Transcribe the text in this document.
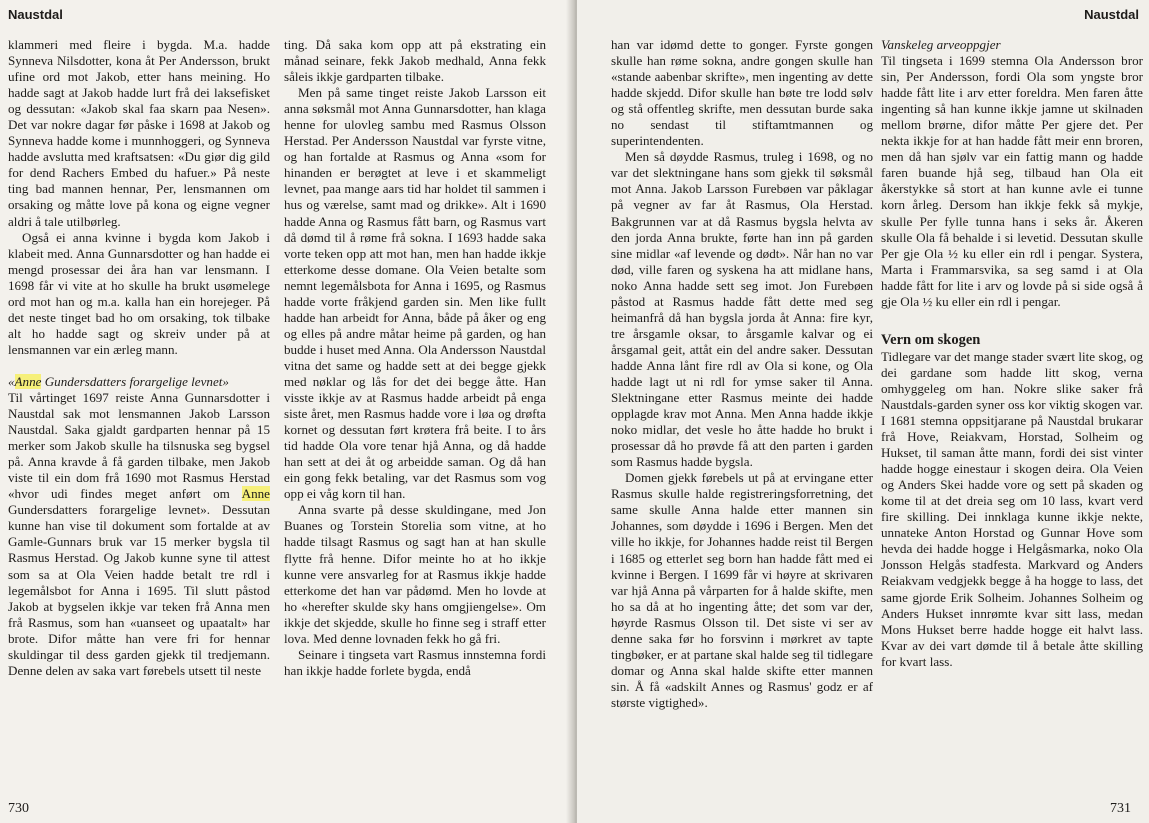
Naustdal

klammeri med fleire i bygda. M.a. hadde Synneva Nilsdotter, kona åt Per Andersson, brukt ufine ord mot Jakob, etter hans meining. Ho hadde sagt at Jakob hadde lurt frå dei laksefisket og dessutan: «Jakob skal faa skarn paa Nesen». Det var nokre dagar før påske i 1698 at Jakob og Synneva hadde kome i munnhoggeri, og Synneva hadde avslutta med kraftsatsen: «Du giør dig gild for dend Rachers Embed du hafuer.» På neste ting bad mannen hennar, Per, lensmannen om orsaking og måtte love på kona og eigne vegner aldri å tale utilbørleg.

Også ei anna kvinne i bygda kom Jakob i klabeit med. Anna Gunnarsdotter og han hadde ei mengd prosessar dei åra han var lensmann. I 1698 får vi vite at ho skulle ha brukt usømelege ord mot han og m.a. kalla han ein horejeger. På det neste tinget bad ho om orsaking, tok tilbake alt ho hadde sagt og skreiv under på at lensmannen var ein ærleg mann.

«Anne Gundersdatters forargelige levnet»

Til vårtinget 1697 reiste Anna Gunnarsdotter i Naustdal sak mot lensmannen Jakob Larsson Naustdal. Saka gjaldt gardparten hennar på 15 merker som Jakob skulle ha tilsnuska seg bygsel på. Anna kravde å få garden tilbake, men Jakob viste til ein dom frå 1690 mot Rasmus Herstad «hvor udi findes meget anført om Anne Gundersdatters forargelige levnet». Dessutan kunne han vise til dokument som fortalde at av Gamle-Gunnars bruk var 15 merker bygsla til Rasmus Herstad. Og Jakob kunne syne til attest som sa at Ola Veien hadde betalt tre rdl i legemålsbot for Anna i 1695. Til slutt påstod Jakob at bygselen ikkje var teken frå Anna men frå Rasmus, som han «uanseet og upaatalt» har brote. Difor måtte han vere fri for hennar skuldingar til dess garden gjekk til tredjemann. Denne delen av saka vart førebels utsett til neste

ting. Då saka kom opp att på ekstrating ein månad seinare, fekk Jakob medhald, Anna fekk såleis ikkje gardparten tilbake.

Men på same tinget reiste Jakob Larsson eit anna søksmål mot Anna Gunnarsdotter, han klaga henne for ulovleg sambu med Rasmus Olsson Herstad. Per Andersson Naustdal var fyrste vitne, og han fortalde at Rasmus og Anna «som for hinanden er berøgtet at leve i et skammeligt levnet, paa mange aars tid har holdet til sammen i hus og værelse, samt mad og drikke». Alt i 1690 hadde Anna og Rasmus fått barn, og Rasmus vart då dømd til å røme frå sokna. I 1693 hadde saka vorte teken opp att mot han, men han hadde ikkje etterkome desse domane. Ola Veien betalte som nemnt legemålsbota for Anna i 1695, og Rasmus hadde vorte fråkjend garden sin. Men like fullt hadde han arbeidt for Anna, både på åker og eng og elles på andre måtar heime på garden, og han budde i huset med Anna. Ola Andersson Naustdal vitna det same og hadde sett at dei begge gjekk med nøklar og lås for det dei begge åtte. Han visste ikkje av at Rasmus hadde arbeidt på enga siste året, men Rasmus hadde vore i løa og drøfta kornet og dessutan ført krøtera frå beite. I to års tid hadde Ola vore tenar hjå Anna, og då hadde han sett at dei åt og arbeidde saman. Og då han ein gong fekk betaling, var det Rasmus som vog opp ei våg korn til han.

Anna svarte på desse skuldingane, med Jon Buanes og Torstein Storelia som vitne, at ho hadde tilsagt Rasmus og sagt han at han skulle flytte frå henne. Difor meinte ho at ho ikkje kunne vere ansvarleg for at Rasmus ikkje hadde etterkome det han var pådømd. Men ho lovde at ho «herefter skulde sky hans omgjiengelse». Om ikkje det skjedde, skulle ho finne seg i straff etter lova. Med denne lovnaden fekk ho gå fri.

Seinare i tingseta vart Rasmus innstemna fordi han ikkje hadde forlete bygda, endå

730
Naustdal

han var idømd dette to gonger. Fyrste gongen skulle han røme sokna, andre gongen skulle han «stande aabenbar skrifte», men ingenting av dette hadde skjedd. Difor skulle han bøte tre lodd sølv og stå offentleg skrifte, men dessutan burde saka no sendast til stiftamtmannen og superintendenten.

Men så døydde Rasmus, truleg i 1698, og no var det slektningane hans som gjekk til søksmål mot Anna. Jakob Larsson Furebøen var påklagar på vegner av far åt Rasmus, Ola Herstad. Bakgrunnen var at då Rasmus bygsla helvta av den jorda Anna brukte, førte han inn på garden sine midlar «af levende og dødt». Når han no var død, ville faren og syskena ha att midlane hans, noko Anna hadde sett seg imot. Jon Furebøen påstod at Rasmus hadde fått dette med seg heimanfrå då han bygsla jorda åt Anna: fire kyr, tre årsgamle oksar, to årsgamle kalvar og ei årsgamal geit, attåt ein del andre saker. Dessutan hadde Anna lånt fire rdl av Ola si kone, og Ola hadde lagt ut ni rdl for ymse saker til Anna. Slektningane etter Rasmus meinte dei hadde opplagde krav mot Anna. Men Anna hadde ikkje noko midlar, det vesle ho åtte hadde ho brukt i prosessar då ho prøvde få att den parten i garden som Rasmus hadde bygsla.

Domen gjekk førebels ut på at ervingane etter Rasmus skulle halde registreringsforretning, det same skulle Anna halde etter mannen sin Johannes, som døydde i 1696 i Bergen. Men det ville ho ikkje, for Johannes hadde reist til Bergen i 1685 og etterlet seg born han hadde fått med ei kvinne i Bergen. I 1699 får vi høyre at skrivaren var hjå Anna på vårparten for å halde skifte, men ho sa då at ho ingenting åtte; det som var der, høyrde Rasmus Olsson til. Det siste vi ser av denne saka før ho forsvinn i mørkret av tapte tingbøker, er at partane skal halde seg til tidlegare domar og Anna skal halde skifte etter mannen sin. Å få «adskilt Annes og Rasmus' godz er af største vigtighed».

Vanskeleg arveoppgjer

Til tingseta i 1699 stemna Ola Andersson bror sin, Per Andersson, fordi Ola som yngste bror hadde fått lite i arv etter foreldra. Men faren åtte ingenting så han kunne ikkje jamne ut skilnaden mellom brørne, difor måtte Per gjere det. Per nekta ikkje for at han hadde fått meir enn broren, men då han sjølv var ein fattig mann og hadde faren buande hjå seg, tilbaud han Ola eit åkerstykke så stort at han kunne avle ei tunne korn årleg. Dersom han ikkje fekk så mykje, skulle Per fylle tunna hans i seks år. Åkeren skulle Ola få behalde i si levetid. Dessutan skulle Per gje Ola ½ ku eller ein rdl i pengar. Systera, Marta i Frammarsvika, sa seg samd i at Ola hadde fått for lite i arv og lovde på si side også å gje Ola ½ ku eller ein rdl i pengar.

Vern om skogen

Tidlegare var det mange stader svært lite skog, og dei gardane som hadde litt skog, verna omhyggeleg om han. Nokre slike saker frå Naustdals-garden syner oss kor viktig skogen var. I 1681 stemna oppsitjarane på Naustdal brukarar frå Hove, Reiakvam, Horstad, Solheim og Hukset, til saman åtte mann, fordi dei sist vinter hadde hogge einestaur i skogen deira. Ola Veien og Anders Skei hadde vore og sett på skaden og kome til at det dreia seg om 10 lass, kvart verd fire skilling. Dei innklaga kunne ikkje nekte, unnateke Anton Horstad og Gunnar Hove som hevda dei hadde hogge i Helgåsmarka, noko Ola Jonsson Helgås stadfesta. Markvard og Anders Reiakvam vedgjekk begge å ha hogge to lass, det same gjorde Erik Solheim. Johannes Solheim og Anders Hukset innrømte kvar sitt lass, medan Mons Hukset berre hadde hogge eit halvt lass. Kvar av dei vart dømde til å betale åtte skilling for kvart lass.

731
